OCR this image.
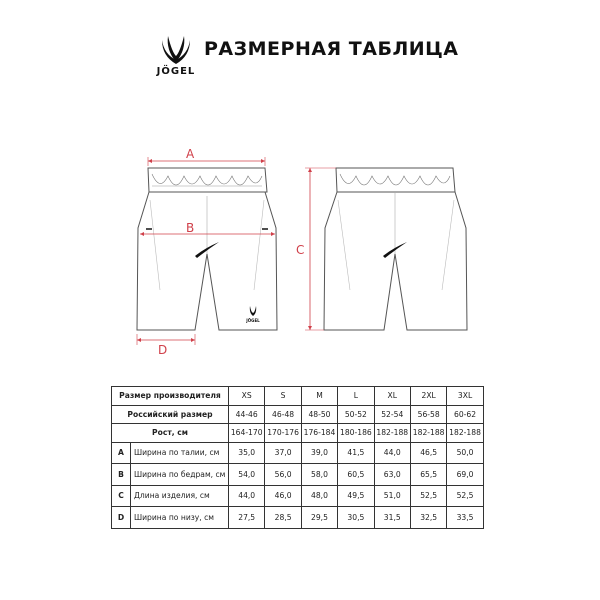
JÖGEL
РАЗМЕРНАЯ ТАБЛИЦА
JÖGEL
A
B
D
C
Размер производителя		XS	S	M	L	XL	2XL	3XL
Российский размер		44-46	46-48	48-50	50-52	52-54	56-58	60-62
Рост, см		164-170	170-176	176-184	180-186	182-188	182-188	182-188
A	Ширина по талии, см	35,0	37,0	39,0	41,5	44,0	46,5	50,0
B	Ширина по бедрам, см	54,0	56,0	58,0	60,5	63,0	65,5	69,0
C	Длина изделия, см	44,0	46,0	48,0	49,5	51,0	52,5	52,5
D	Ширина по низу, см	27,5	28,5	29,5	30,5	31,5	32,5	33,5
